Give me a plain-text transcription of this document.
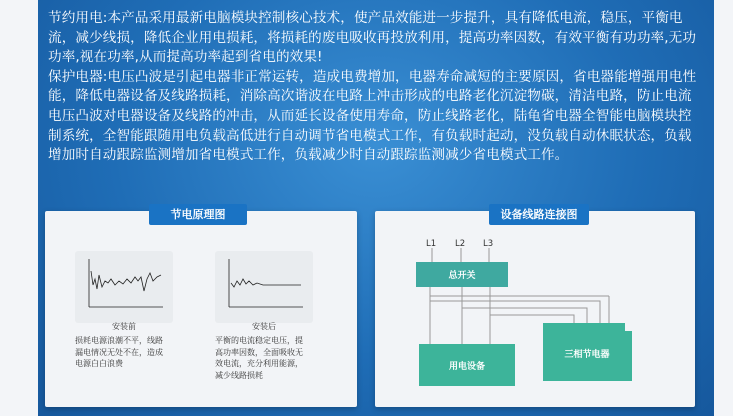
节约用电:本产品采用最新电脑模块控制核心技术，使产品效能进一步提升，具有降低电流，稳压，平衡电流，减少线损，降低企业用电损耗，将损耗的废电吸收再投放利用，提高功率因数，有效平衡有功功率,无功功率,视在功率,从而提高功率起到省电的效果!

保护电器:电压凸波是引起电器非正常运转，造成电费增加，电器寿命减短的主要原因，省电器能增强用电性能，降低电器设备及线路损耗，消除高次谐波在电路上冲击形成的电路老化沉淀物碳，清洁电路，防止电流电压凸波对电器设备及线路的冲击，从而延长设备使用寿命，防止线路老化，陆龟省电器全智能电脑模块控制系统，全智能跟随用电负载高低进行自动调节省电模式工作，有负载时起动，没负载自动休眠状态，负载增加时自动跟踪监测增加省电模式工作，负载减少时自动跟踪监测减少省电模式工作。

节电原理图
安装前
损耗电源浪潮不平，线路
漏电情况无处不在，造成
电源白白浪费
安装后
平衡的电流稳定电压，提
高功率因数，全面吸收无
效电流，充分利用能源，
减少线路损耗
设备线路连接图
L1 L2 L3
总开关
用电设备
三相节电器
